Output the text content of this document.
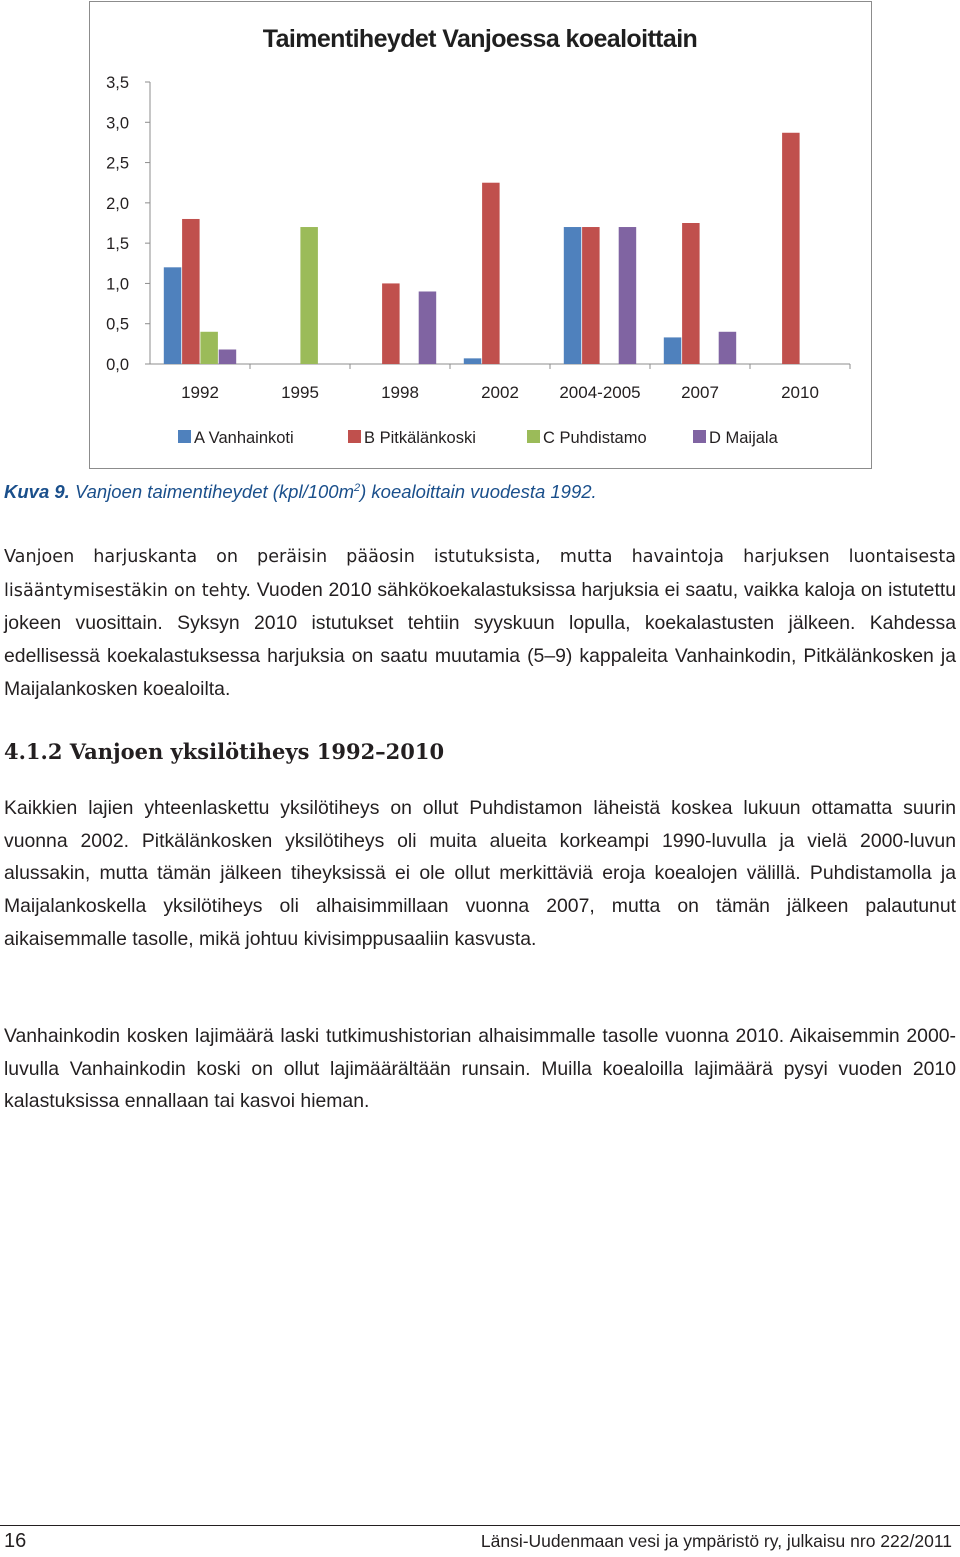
Taimentiheydet Vanjoessa koealoittain
0,0
0,5
1,0
1,5
2,0
2,5
3,0
3,5
1992	1995	1998	2002 2004-2005 2007	2010
A Vanhainkoti	B Pitkälänkoski	C Puhdistamo	D Maijala
Kuva 9. Vanjoen taimentiheydet $(kpl/100m^2)$ koealoittain vuodesta 1992.

Vanjoen harjuskanta on peräisin pääosin istutuksista, mutta havaintoja harjuksen luontaisesta lisääntymisestäkin on tehty. Vuoden 2010 sähkökoekalastuksissa harjuksia ei saatu, vaikka kaloja on istutettu jokeen vuosittain. Syksyn 2010 istutukset tehtiin syyskuun lopulla, koekalastusten jälkeen. Kahdessa edellisessä koekalastuksessa harjuksia on saatu muutamia (5–9) kappaleita Vanhainkodin, Pitkälänkosken ja Maijalankosken koealoilta.

4.1.2 Vanjoen yksilötiheys 1992–2010

Kaikkien lajien yhteenlaskettu yksilötiheys on ollut Puhdistamon läheistä koskea lukuun ottamatta suurin vuonna 2002. Pitkälänkosken yksilötiheys oli muita alueita korkeampi 1990-luvulla ja vielä 2000-luvun alussakin, mutta tämän jälkeen tiheyksissä ei ole ollut merkittäviä eroja koealojen välillä. Puhdistamolla ja Maijalankoskella yksilötiheys oli alhaisimmillaan vuonna 2007, mutta on tämän jälkeen palautunut aikaisemmalle tasolle, mikä johtuu kivisimppusaaliin kasvusta.

Vanhainkodin kosken lajimäärä laski tutkimushistorian alhaisimmalle tasolle vuonna 2010. Aikaisemmin 2000-luvulla Vanhainkodin koski on ollut lajimäärältään runsain. Muilla koealoilla lajimäärä pysyi vuoden 2010 kalastuksissa ennallaan tai kasvoi hieman.

16	Länsi-Uudenmaan vesi ja ympäristö ry, julkaisu nro 222/2011
